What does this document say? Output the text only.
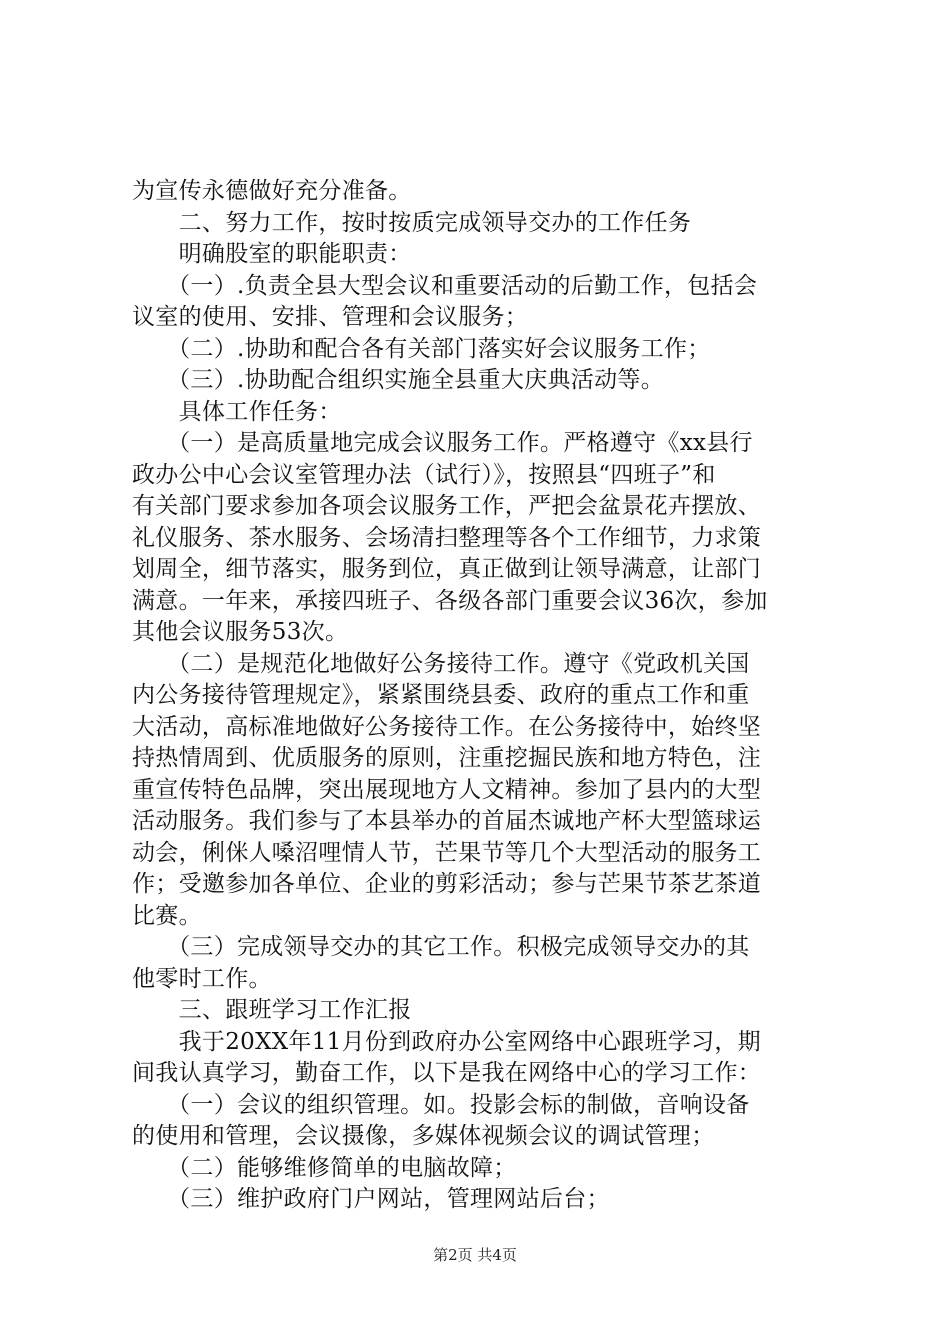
为宣传永德做好充分准备。
　　二、努力工作，按时按质完成领导交办的工作任务
　　明确股室的职能职责：
　　（一）.负责全县大型会议和重要活动的后勤工作，包括会
议室的使用、安排、管理和会议服务；
　　（二）.协助和配合各有关部门落实好会议服务工作；
　　（三）.协助配合组织实施全县重大庆典活动等。
　　具体工作任务：
　　（一）是高质量地完成会议服务工作。严格遵守《xx县行
政办公中心会议室管理办法（试行）》，按照县“四班子”和
有关部门要求参加各项会议服务工作，严把会盆景花卉摆放、
礼仪服务、茶水服务、会场清扫整理等各个工作细节，力求策
划周全，细节落实，服务到位，真正做到让领导满意，让部门
满意。一年来，承接四班子、各级各部门重要会议36次，参加
其他会议服务53次。
　　（二）是规范化地做好公务接待工作。遵守《党政机关国
内公务接待管理规定》，紧紧围绕县委、政府的重点工作和重
大活动，高标准地做好公务接待工作。在公务接待中，始终坚
持热情周到、优质服务的原则，注重挖掘民族和地方特色，注
重宣传特色品牌，突出展现地方人文精神。参加了县内的大型
活动服务。我们参与了本县举办的首届杰诚地产杯大型篮球运
动会，俐侎人嗓沼哩情人节，芒果节等几个大型活动的服务工
作；受邀参加各单位、企业的剪彩活动；参与芒果节茶艺茶道
比赛。
　　（三）完成领导交办的其它工作。积极完成领导交办的其
他零时工作。
　　三、跟班学习工作汇报
　　我于20XX年11月份到政府办公室网络中心跟班学习，期
间我认真学习，勤奋工作，以下是我在网络中心的学习工作：
　　（一）会议的组织管理。如。投影会标的制做，音响设备
的使用和管理，会议摄像，多媒体视频会议的调试管理；
　　（二）能够维修简单的电脑故障；
　　（三）维护政府门户网站，管理网站后台；
第2页 共4页
